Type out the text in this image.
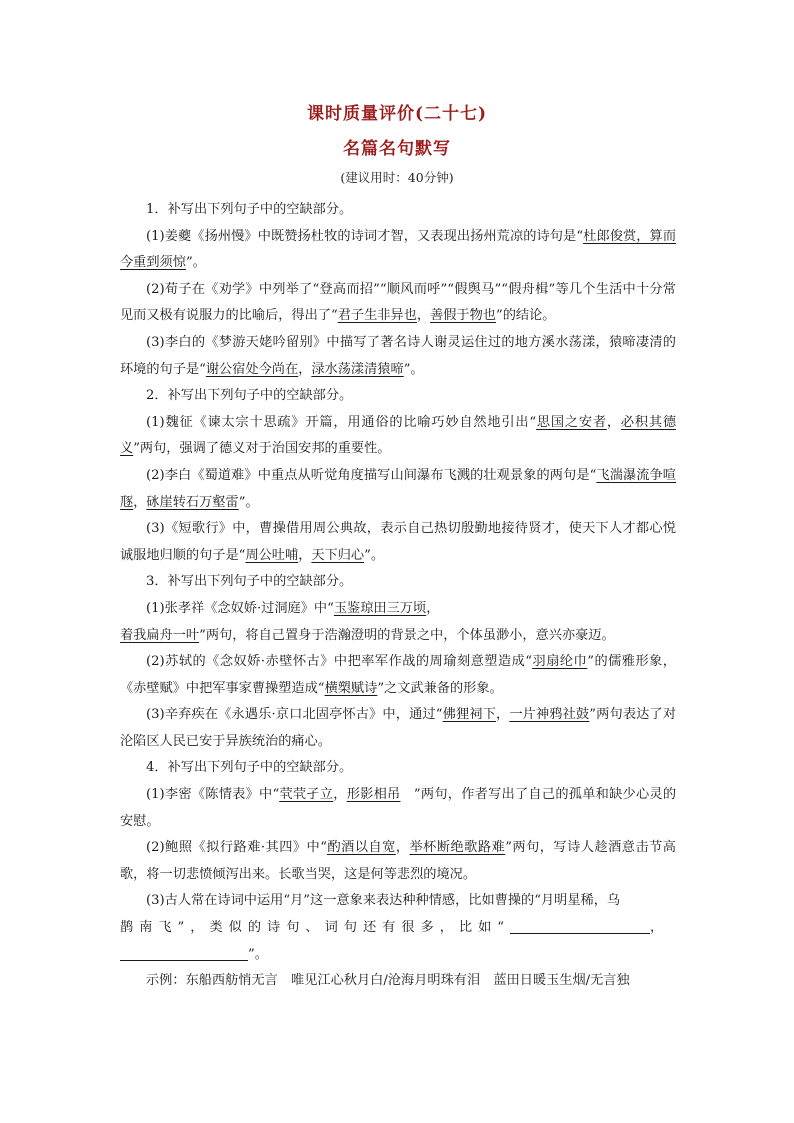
课时质量评价(二十七)
名篇名句默写
(建议用时：40分钟)

1．补写出下列句子中的空缺部分。

(1)姜夔《扬州慢》中既赞扬杜牧的诗词才智，又表现出扬州荒凉的诗句是“杜郎俊赏，算而今重到须惊”。

(2)荀子在《劝学》中列举了“登高而招”“顺风而呼”“假舆马”“假舟楫”等几个生活中十分常见而又极有说服力的比喻后，得出了“君子生非异也，善假于物也”的结论。

(3)李白的《梦游天姥吟留别》中描写了著名诗人谢灵运住过的地方溪水荡漾，猿啼凄清的环境的句子是“谢公宿处今尚在，渌水荡漾清猿啼”。

2．补写出下列句子中的空缺部分。

(1)魏征《谏太宗十思疏》开篇，用通俗的比喻巧妙自然地引出“思国之安者，必积其德义”两句，强调了德义对于治国安邦的重要性。

(2)李白《蜀道难》中重点从听觉角度描写山间瀑布飞溅的壮观景象的两句是“飞湍瀑流争喧豗，砯崖转石万壑雷”。

(3)《短歌行》中，曹操借用周公典故，表示自己热切殷勤地接待贤才，使天下人才都心悦诚服地归顺的句子是“周公吐哺，天下归心”。

3．补写出下列句子中的空缺部分。

(1)张孝祥《念奴娇·过洞庭》中“玉鉴琼田三万顷，
着我扁舟一叶”两句，将自己置身于浩瀚澄明的背景之中，个体虽渺小，意兴亦豪迈。

(2)苏轼的《念奴娇·赤壁怀古》中把率军作战的周瑜刻意塑造成“羽扇纶巾”的儒雅形象，《赤壁赋》中把军事家曹操塑造成“横槊赋诗”之文武兼备的形象。

(3)辛弃疾在《永遇乐·京口北固亭怀古》中，通过“佛狸祠下，一片神鸦社鼓”两句表达了对沦陷区人民已安于异族统治的痛心。

4．补写出下列句子中的空缺部分。

(1)李密《陈情表》中“茕茕孑立，形影相吊　”两句，作者写出了自己的孤单和缺少心灵的安慰。

(2)鲍照《拟行路难·其四》中“酌酒以自宽，举杯断绝歌路难”两句，写诗人趁酒意击节高歌，将一切悲愤倾泻出来。长歌当哭，这是何等悲烈的境况。

(3)古人常在诗词中运用“月”这一意象来表达种种情感，比如曹操的“月明星稀，乌
鹊南飞”，类似的诗句、词句还有很多，比如“	，
”。

示例：东船西舫悄无言　唯见江心秋月白/沧海月明珠有泪　蓝田日暖玉生烟/无言独
